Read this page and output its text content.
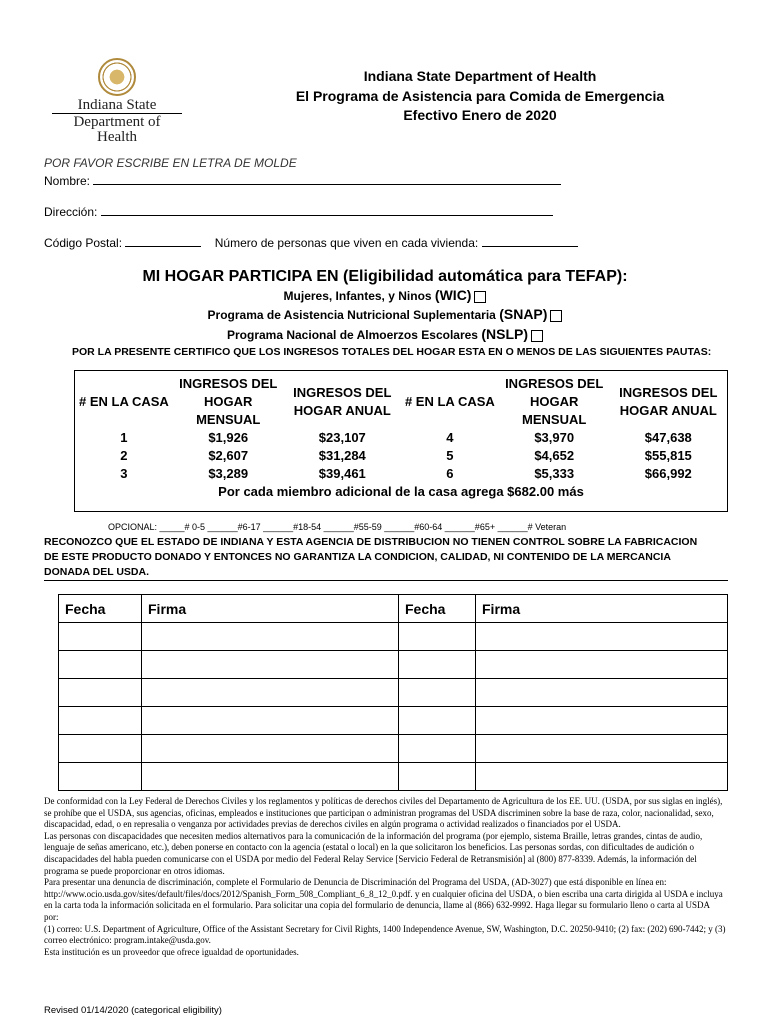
Indiana State
Department of Health
Indiana State Department of Health
El Programa de Asistencia para Comida de Emergencia
Efectivo Enero de 2020
POR FAVOR ESCRIBE EN LETRA DE MOLDE
Nombre:
Dirección:
Código Postal:	Número de personas que viven en cada vivienda:
MI HOGAR PARTICIPA EN (Eligibilidad automática para TEFAP):
Mujeres, Infantes, y Ninos (WIC)
Programa de Asistencia Nutricional Suplementaria (SNAP)
Programa Nacional de Almoerzos Escolares (NSLP)
POR LA PRESENTE CERTIFICO QUE LOS INGRESOS TOTALES DEL HOGAR ESTA EN O MENOS DE LAS SIGUIENTES PAUTAS:
# EN LA CASA	INGRESOS DEL HOGAR MENSUAL	INGRESOS DEL HOGAR ANUAL	# EN LA CASA	INGRESOS DEL HOGAR MENSUAL	INGRESOS DEL HOGAR ANUAL
1	$1,926	$23,107	4	$3,970	$47,638
2	$2,607	$31,284	5	$4,652	$55,815
3	$3,289	$39,461	6	$5,333	$66,992
Por cada miembro adicional de la casa agrega $682.00 más					
OPCIONAL: _____# 0-5 ______#6-17 ______#18-54 ______#55-59 ______#60-64 ______#65+ ______# Veteran
RECONOZCO QUE EL ESTADO DE INDIANA Y ESTA AGENCIA DE DISTRIBUCION NO TIENEN CONTROL SOBRE LA FABRICACION
DE ESTE PRODUCTO DONADO Y ENTONCES NO GARANTIZA LA CONDICION, CALIDAD, NI CONTENIDO DE LA MERCANCIA
DONADA DEL USDA.
Fecha	Firma	Fecha	Firma

De conformidad con la Ley Federal de Derechos Civiles y los reglamentos y políticas de derechos civiles del Departamento de Agricultura de los EE. UU. (USDA, por sus siglas en inglés), se prohíbe que el USDA, sus agencias, oficinas, empleados e instituciones que participan o administran programas del USDA discriminen sobre la base de raza, color, nacionalidad, sexo, discapacidad, edad, o en represalia o venganza por actividades previas de derechos civiles en algún programa o actividad realizados o financiados por el USDA.

Las personas con discapacidades que necesiten medios alternativos para la comunicación de la información del programa (por ejemplo, sistema Braille, letras grandes, cintas de audio, lenguaje de señas americano, etc.), deben ponerse en contacto con la agencia (estatal o local) en la que solicitaron los beneficios. Las personas sordas, con dificultades de audición o discapacidades del habla pueden comunicarse con el USDA por medio del Federal Relay Service [Servicio Federal de Retransmisión] al (800) 877-8339. Además, la información del programa se puede proporcionar en otros idiomas.

Para presentar una denuncia de discriminación, complete el Formulario de Denuncia de Discriminación del Programa del USDA, (AD-3027) que está disponible en línea en: http://www.ocio.usda.gov/sites/default/files/docs/2012/Spanish_Form_508_Compliant_6_8_12_0.pdf. y en cualquier oficina del USDA, o bien escriba una carta dirigida al USDA e incluya en la carta toda la información solicitada en el formulario. Para solicitar una copia del formulario de denuncia, llame al (866) 632-9992. Haga llegar su formulario lleno o carta al USDA por:

(1) correo: U.S. Department of Agriculture, Office of the Assistant Secretary for Civil Rights, 1400 Independence Avenue, SW, Washington, D.C. 20250-9410; (2) fax: (202) 690-7442; y (3) correo electrónico: program.intake@usda.gov.

Esta institución es un proveedor que ofrece igualdad de oportunidades.

Revised 01/14/2020 (categorical eligibility)
